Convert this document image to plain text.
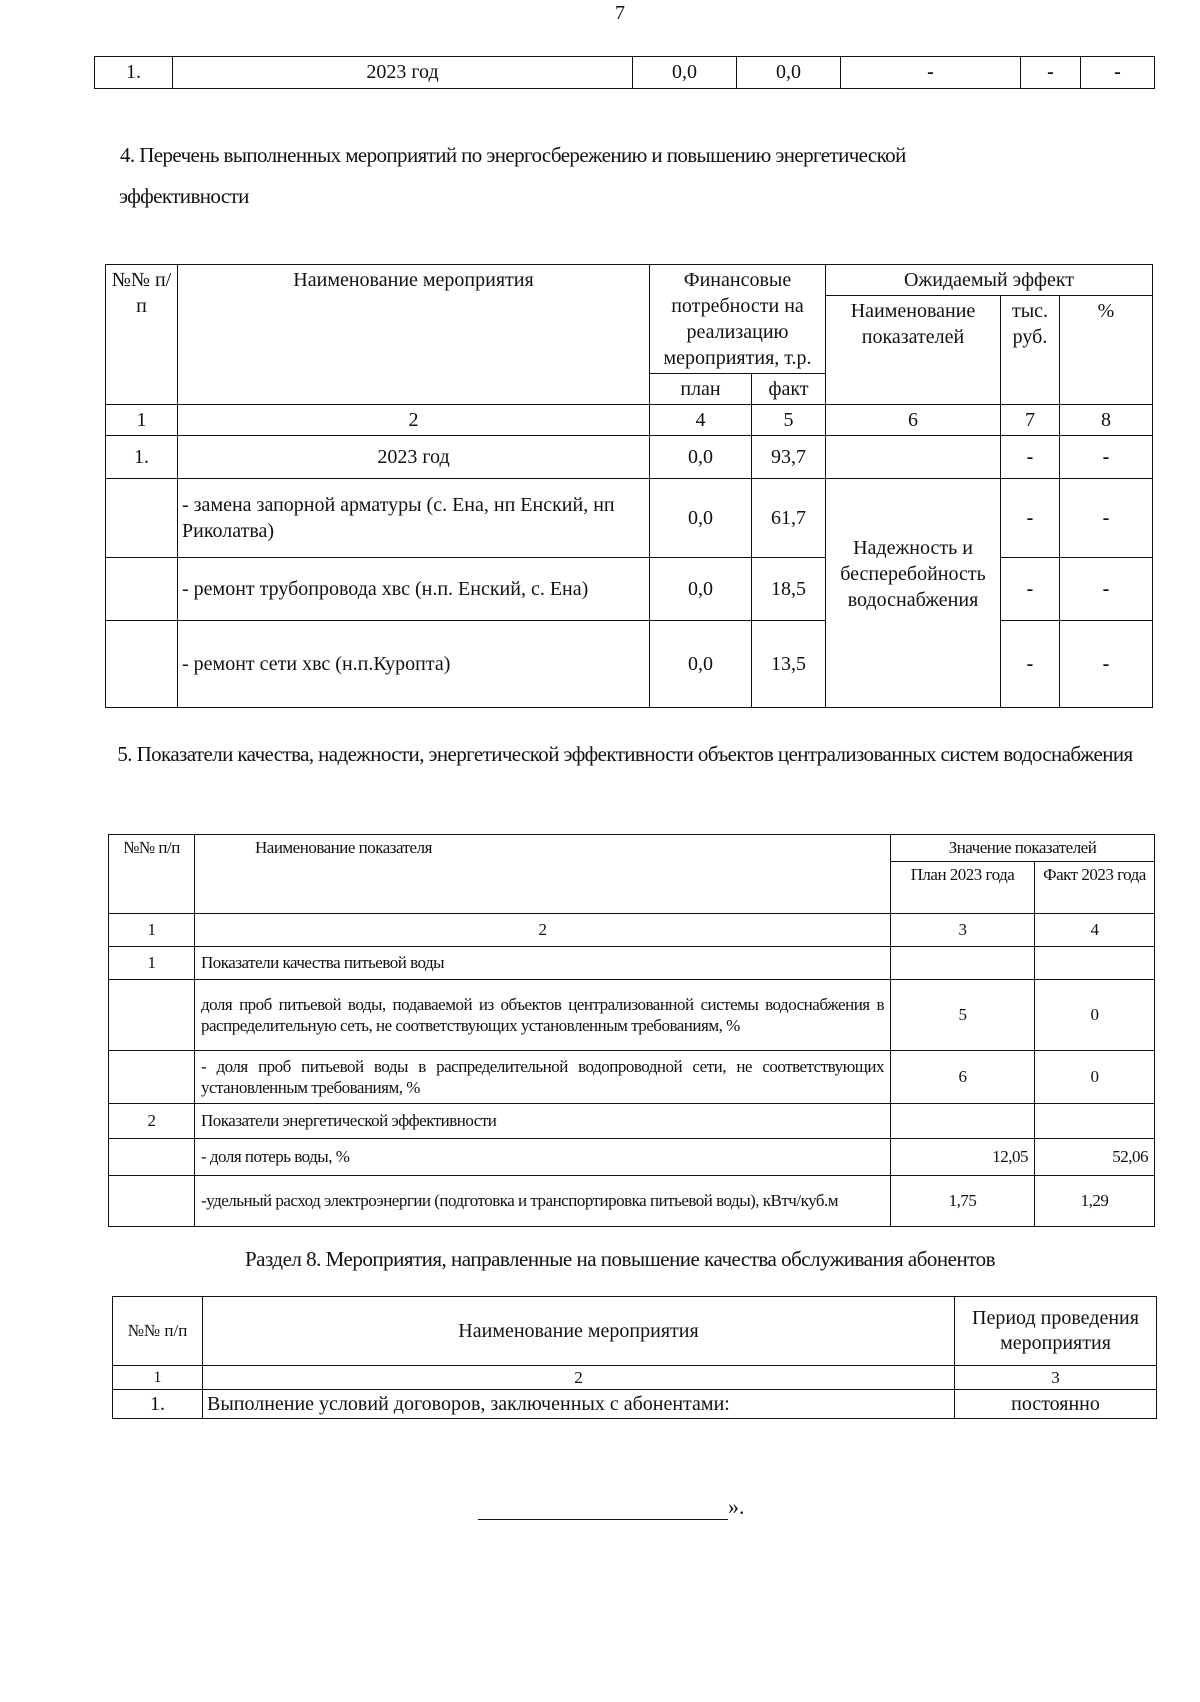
7
1.	2023 год	0,0	0,0	-	-	-
4. Перечень выполненных мероприятий по энергосбережению и повышению энергетической
эффективности
№№ п/п	Наименование мероприятия	Финансовые потребности на реализацию мероприятия, т.р.		Ожидаемый эффект		
				Наименование показателей	тыс. руб.	%
		план	факт			
1	2	4	5	6	7	8
1.	2023 год	0,0	93,7		-	-
	- замена запорной арматуры (с. Ена, нп Енский, нп Риколатва)	0,0	61,7	Надежность и бесперебойность водоснабжения	-	-
	- ремонт трубопровода хвс (н.п. Енский, с. Ена)	0,0	18,5		-	-
	- ремонт сети хвс (н.п.Куропта)	0,0	13,5		-	-
5. Показатели качества, надежности, энергетической эффективности объектов централизованных систем водоснабжения
№№ п/п	Наименование показателя	Значение показателей	
		План 2023 года	Факт 2023 года
1	2	3	4
1	Показатели качества питьевой воды		
	доля проб питьевой воды, подаваемой из объектов централизованной системы водоснабжения в распределительную сеть, не соответствующих установленным требованиям, %	5	0
	- доля проб питьевой воды в распределительной водопроводной сети, не соответствующих установленным требованиям, %	6	0
2	Показатели энергетической эффективности		
	- доля потерь воды, %	12,05	52,06
	-удельный расход электроэнергии (подготовка и транспортировка питьевой воды), кВтч/куб.м	1,75	1,29
Раздел 8. Мероприятия, направленные на повышение качества обслуживания абонентов
№№ п/п	Наименование мероприятия	Период проведения мероприятия
1	2	3
1.	Выполнение условий договоров, заключенных с абонентами:	постоянно
».
